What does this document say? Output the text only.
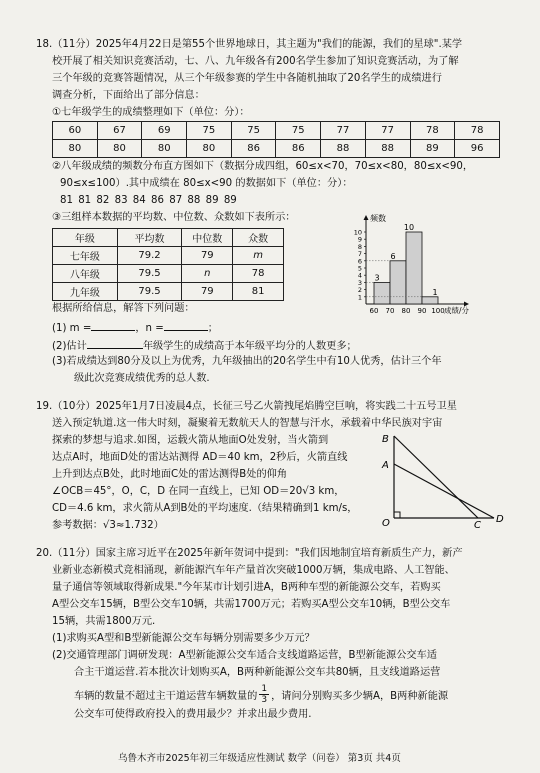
18.（11分）2025年4月22日是第55个世界地球日，其主题为"我们的能源，我们的星球".某学
校开展了相关知识竞赛活动，七、八、九年级各有200名学生参加了知识竞赛活动，为了解
三个年级的竞赛答题情况，从三个年级参赛的学生中各随机抽取了20名学生的成绩进行
调查分析，下面给出了部分信息：
①七年级学生的成绩整理如下（单位：分）：
60	67	69	75	75	75	77	77	78	78
80	80	80	80	86	86	88	88	89	96
②八年级成绩的频数分布直方图如下（数据分成四组，60≤x<70，70≤x<80，80≤x<90，
90≤x≤100）.其中成绩在 80≤x<90 的数据如下（单位：分）：
81 81 82 83 84 86 87 88 89 89
③三组样本数据的平均数、中位数、众数如下表所示：
年级	平均数	中位数	众数
七年级	79.2	79	m
八年级	79.5	n	78
九年级	79.5	79	81
1
2
3
4
5
6
7
8
9
10
频数
3
6
10
1
60 70 80 90 100 成绩/分
根据所给信息，解答下列问题：
(1) m =	，n =	；
(2)估计	年级学生的成绩高于本年级平均分的人数更多；
(3)若成绩达到80分及以上为优秀，九年级抽出的20名学生中有10人优秀，估计三个年
级此次竞赛成绩优秀的总人数.
19.（10分）2025年1月7日凌晨4点，长征三号乙火箭拽尾焰腾空巨响，将实践二十五号卫星
送入预定轨道.这一伟大时刻，凝聚着无数航天人的智慧与汗水，承载着中华民族对宇宙
探索的梦想与追求.如图，运载火箭从地面O处发射，当火箭到
达点A时，地面D处的雷达站测得 AD＝40 km，2秒后，火箭直线
上升到达点B处，此时地面C处的雷达测得B处的仰角
∠OCB＝45°，O，C，D 在同一直线上，已知 OD＝20√3 km，
CD＝4.6 km，求火箭从A到B处的平均速度.（结果精确到1 km/s，
参考数据：√3≈1.732）
B
A
O	C
D
20.（11分）国家主席习近平在2025年新年贺词中提到："我们因地制宜培育新质生产力，新产
业新业态新模式竞相涌现，新能源汽车年产量首次突破1000万辆，集成电路、人工智能、
量子通信等领域取得新成果."今年某市计划引进A，B两种车型的新能源公交车，若购买
A型公交车15辆，B型公交车10辆，共需1700万元；若购买A型公交车10辆，B型公交车
15辆，共需1800万元.
(1)求购买A型和B型新能源公交车每辆分别需要多少万元？
(2)交通管理部门调研发现：A型新能源公交车适合支线道路运营，B型新能源公交车适
合主干道运营.若本批次计划购买A，B两种新能源公交车共80辆，且支线道路运营
车辆的数量不超过主干道运营车辆数量的 $\frac{1}{3}$ ，请问分别购买多少辆A，B两种新能源
公交车可使得政府投入的费用最少？并求出最少费用.
乌鲁木齐市2025年初三年级适应性测试 数学（问卷） 第3页 共4页
